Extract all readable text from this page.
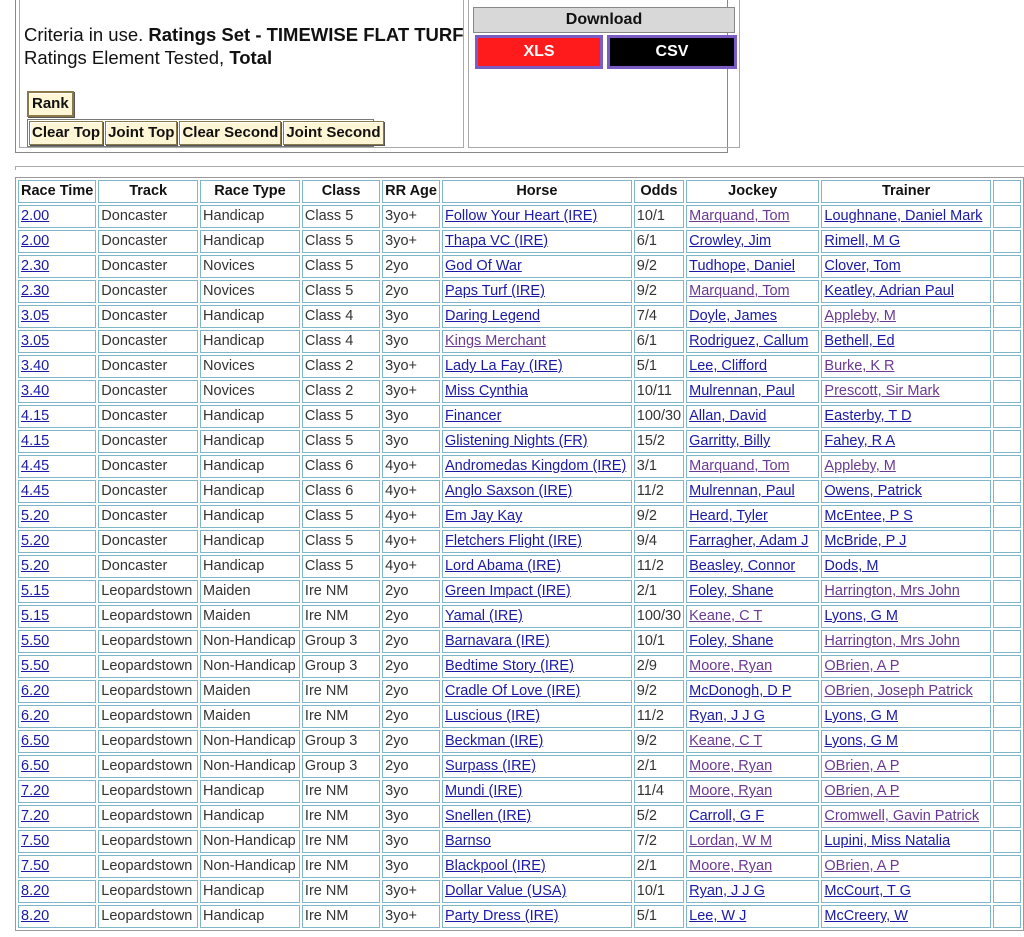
Criteria in use. Ratings Set - TIMEWISE FLAT TURF
Ratings Element Tested, Total
Rank
Clear Top Joint Top Clear Second Joint Second
Download
XLS	CSV
Race Time	Track	Race Type	Class	RR Age	Horse	Odds	Jockey	Trainer	
2.00	Doncaster	Handicap	Class 5	3yo+	Follow Your Heart (IRE)	10/1	Marquand, Tom	Loughnane, Daniel Mark	
2.00	Doncaster	Handicap	Class 5	3yo+	Thapa VC (IRE)	6/1	Crowley, Jim	Rimell, M G	
2.30	Doncaster	Novices	Class 5	2yo	God Of War	9/2	Tudhope, Daniel	Clover, Tom	
2.30	Doncaster	Novices	Class 5	2yo	Paps Turf (IRE)	9/2	Marquand, Tom	Keatley, Adrian Paul	
3.05	Doncaster	Handicap	Class 4	3yo	Daring Legend	7/4	Doyle, James	Appleby, M	
3.05	Doncaster	Handicap	Class 4	3yo	Kings Merchant	6/1	Rodriguez, Callum	Bethell, Ed	
3.40	Doncaster	Novices	Class 2	3yo+	Lady La Fay (IRE)	5/1	Lee, Clifford	Burke, K R	
3.40	Doncaster	Novices	Class 2	3yo+	Miss Cynthia	10/11	Mulrennan, Paul	Prescott, Sir Mark	
4.15	Doncaster	Handicap	Class 5	3yo	Financer	100/30	Allan, David	Easterby, T D	
4.15	Doncaster	Handicap	Class 5	3yo	Glistening Nights (FR)	15/2	Garritty, Billy	Fahey, R A	
4.45	Doncaster	Handicap	Class 6	4yo+	Andromedas Kingdom (IRE)	3/1	Marquand, Tom	Appleby, M	
4.45	Doncaster	Handicap	Class 6	4yo+	Anglo Saxson (IRE)	11/2	Mulrennan, Paul	Owens, Patrick	
5.20	Doncaster	Handicap	Class 5	4yo+	Em Jay Kay	9/2	Heard, Tyler	McEntee, P S	
5.20	Doncaster	Handicap	Class 5	4yo+	Fletchers Flight (IRE)	9/4	Farragher, Adam J	McBride, P J	
5.20	Doncaster	Handicap	Class 5	4yo+	Lord Abama (IRE)	11/2	Beasley, Connor	Dods, M	
5.15	Leopardstown	Maiden	Ire NM	2yo	Green Impact (IRE)	2/1	Foley, Shane	Harrington, Mrs John	
5.15	Leopardstown	Maiden	Ire NM	2yo	Yamal (IRE)	100/30	Keane, C T	Lyons, G M	
5.50	Leopardstown	Non-Handicap	Group 3	2yo	Barnavara (IRE)	10/1	Foley, Shane	Harrington, Mrs John	
5.50	Leopardstown	Non-Handicap	Group 3	2yo	Bedtime Story (IRE)	2/9	Moore, Ryan	OBrien, A P	
6.20	Leopardstown	Maiden	Ire NM	2yo	Cradle Of Love (IRE)	9/2	McDonogh, D P	OBrien, Joseph Patrick	
6.20	Leopardstown	Maiden	Ire NM	2yo	Luscious (IRE)	11/2	Ryan, J J G	Lyons, G M	
6.50	Leopardstown	Non-Handicap	Group 3	2yo	Beckman (IRE)	9/2	Keane, C T	Lyons, G M	
6.50	Leopardstown	Non-Handicap	Group 3	2yo	Surpass (IRE)	2/1	Moore, Ryan	OBrien, A P	
7.20	Leopardstown	Handicap	Ire NM	3yo	Mundi (IRE)	11/4	Moore, Ryan	OBrien, A P	
7.20	Leopardstown	Handicap	Ire NM	3yo	Snellen (IRE)	5/2	Carroll, G F	Cromwell, Gavin Patrick	
7.50	Leopardstown	Non-Handicap	Ire NM	3yo	Barnso	7/2	Lordan, W M	Lupini, Miss Natalia	
7.50	Leopardstown	Non-Handicap	Ire NM	3yo	Blackpool (IRE)	2/1	Moore, Ryan	OBrien, A P	
8.20	Leopardstown	Handicap	Ire NM	3yo+	Dollar Value (USA)	10/1	Ryan, J J G	McCourt, T G	
8.20	Leopardstown	Handicap	Ire NM	3yo+	Party Dress (IRE)	5/1	Lee, W J	McCreery, W	
